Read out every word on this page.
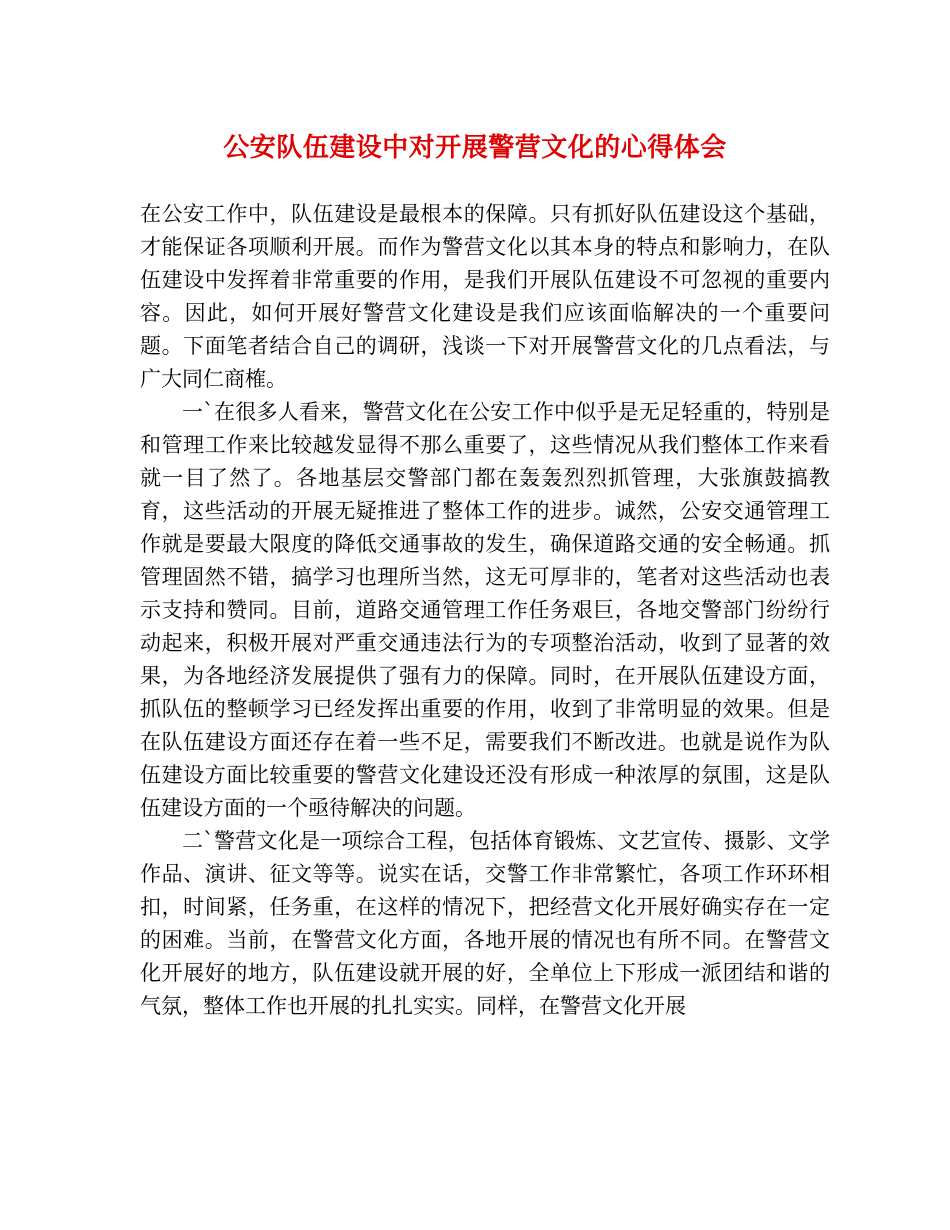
公安队伍建设中对开展警营文化的心得体会

在公安工作中，队伍建设是最根本的保障。只有抓好队伍建设这个基础，才能保证各项顺利开展。而作为警营文化以其本身的特点和影响力，在队伍建设中发挥着非常重要的作用，是我们开展队伍建设不可忽视的重要内容。因此，如何开展好警营文化建设是我们应该面临解决的一个重要问题。下面笔者结合自己的调研，浅谈一下对开展警营文化的几点看法，与广大同仁商榷。

一`在很多人看来，警营文化在公安工作中似乎是无足轻重的，特别是和管理工作来比较越发显得不那么重要了，这些情况从我们整体工作来看就一目了然了。各地基层交警部门都在轰轰烈烈抓管理，大张旗鼓搞教育，这些活动的开展无疑推进了整体工作的进步。诚然，公安交通管理工作就是要最大限度的降低交通事故的发生，确保道路交通的安全畅通。抓管理固然不错，搞学习也理所当然，这无可厚非的，笔者对这些活动也表示支持和赞同。目前，道路交通管理工作任务艰巨，各地交警部门纷纷行动起来，积极开展对严重交通违法行为的专项整治活动，收到了显著的效果，为各地经济发展提供了强有力的保障。同时，在开展队伍建设方面，抓队伍的整顿学习已经发挥出重要的作用，收到了非常明显的效果。但是在队伍建设方面还存在着一些不足，需要我们不断改进。也就是说作为队伍建设方面比较重要的警营文化建设还没有形成一种浓厚的氛围，这是队伍建设方面的一个亟待解决的问题。

二`警营文化是一项综合工程，包括体育锻炼、文艺宣传、摄影、文学作品、演讲、征文等等。说实在话，交警工作非常繁忙，各项工作环环相扣，时间紧，任务重，在这样的情况下，把经营文化开展好确实存在一定的困难。当前，在警营文化方面，各地开展的情况也有所不同。在警营文化开展好的地方，队伍建设就开展的好，全单位上下形成一派团结和谐的气氛，整体工作也开展的扎扎实实。同样，在警营文化开展
